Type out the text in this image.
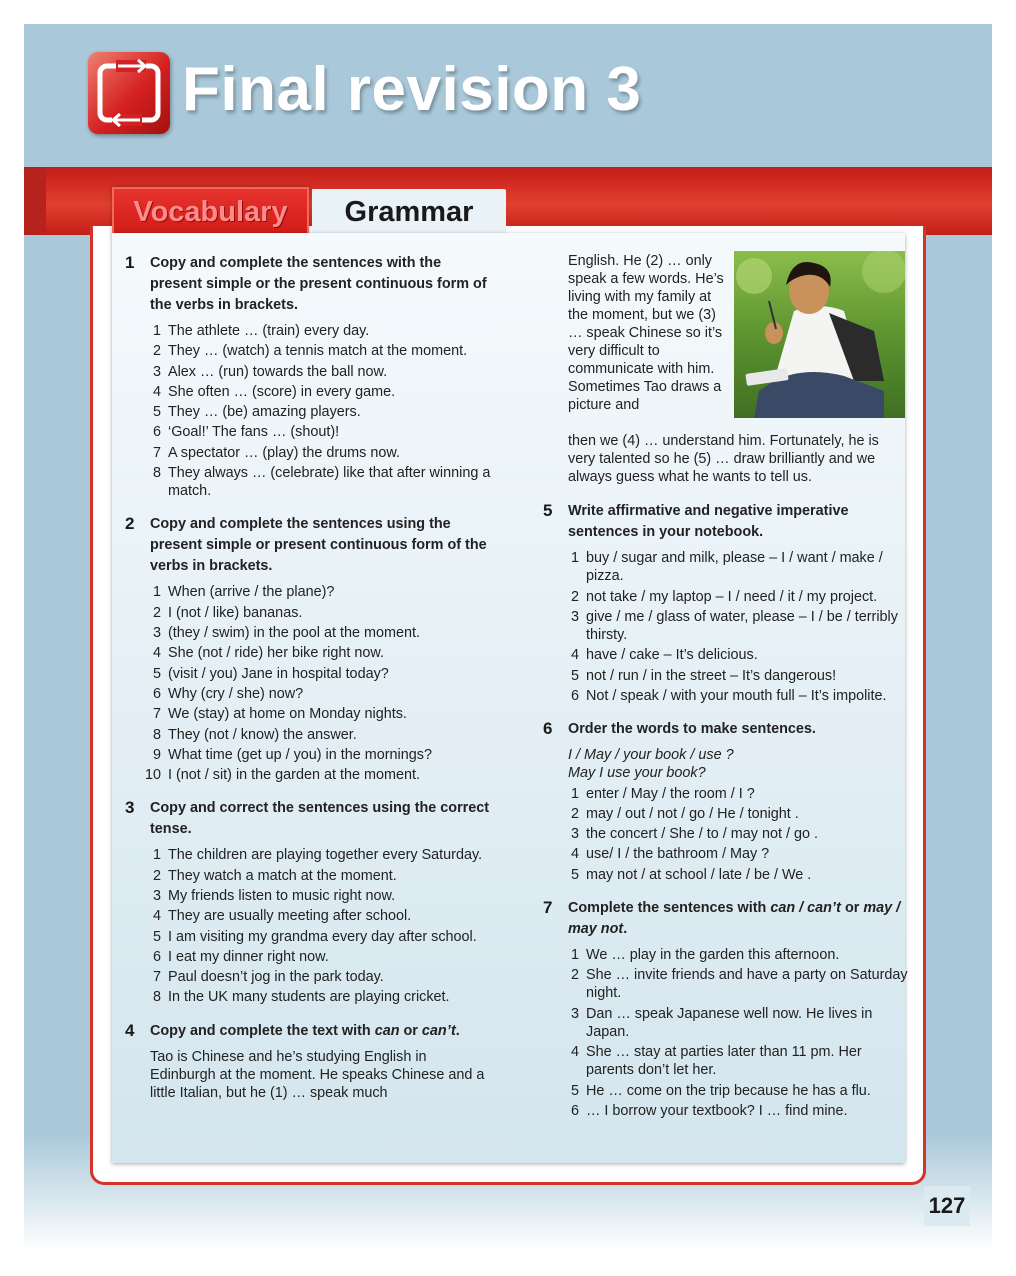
Final revision 3
Vocabulary	Grammar
1 Copy and complete the sentences with the present simple or the present continuous form of the verbs in brackets.
1 The athlete … (train) every day.
2 They … (watch) a tennis match at the moment.
3 Alex … (run) towards the ball now.
4 She often … (score) in every game.
5 They … (be) amazing players.
6 ‘Goal!’ The fans … (shout)!
7 A spectator … (play) the drums now.
8 They always … (celebrate) like that after winning a match.
2 Copy and complete the sentences using the present simple or present continuous form of the verbs in brackets.
1 When (arrive / the plane)?
2 I (not / like) bananas.
3 (they / swim) in the pool at the moment.
4 She (not / ride) her bike right now.
5 (visit / you) Jane in hospital today?
6 Why (cry / she) now?
7 We (stay) at home on Monday nights.
8 They (not / know) the answer.
9 What time (get up / you) in the mornings?
10 I (not / sit) in the garden at the moment.
3 Copy and correct the sentences using the correct tense.
1 The children are playing together every Saturday.
2 They watch a match at the moment.
3 My friends listen to music right now.
4 They are usually meeting after school.
5 I am visiting my grandma every day after school.
6 I eat my dinner right now.
7 Paul doesn’t jog in the park today.
8 In the UK many students are playing cricket.
4 Copy and complete the text with can or can’t.
Tao is Chinese and he’s studying English in Edinburgh at the moment. He speaks Chinese and a little Italian, but he (1) … speak much
English. He (2) … only speak a few words. He’s living with my family at the moment, but we (3) … speak Chinese so it’s very difficult to communicate with him. Sometimes Tao draws a picture and
then we (4) … understand him. Fortunately, he is very talented so he (5) … draw brilliantly and we always guess what he wants to tell us.
5 Write affirmative and negative imperative sentences in your notebook.
1 buy / sugar and milk, please – I / want / make / pizza.
2 not take / my laptop – I / need / it / my project.
3 give / me / glass of water, please – I / be / terribly thirsty.
4 have / cake – It’s delicious.
5 not / run / in the street – It’s dangerous!
6 Not / speak / with your mouth full – It’s impolite.
6 Order the words to make sentences.
I / May / your book / use ?
May I use your book?
1 enter / May / the room / I ?
2 may / out / not / go / He / tonight .
3 the concert / She / to / may not / go .
4 use/ I / the bathroom / May ?
5 may not / at school / late / be / We .
7 Complete the sentences with can / can’t or may / may not.
1 We … play in the garden this afternoon.
2 She … invite friends and have a party on Saturday night.
3 Dan … speak Japanese well now. He lives in Japan.
4 She … stay at parties later than 11 pm. Her parents don’t let her.
5 He … come on the trip because he has a flu.
6 … I borrow your textbook? I … find mine.
127
